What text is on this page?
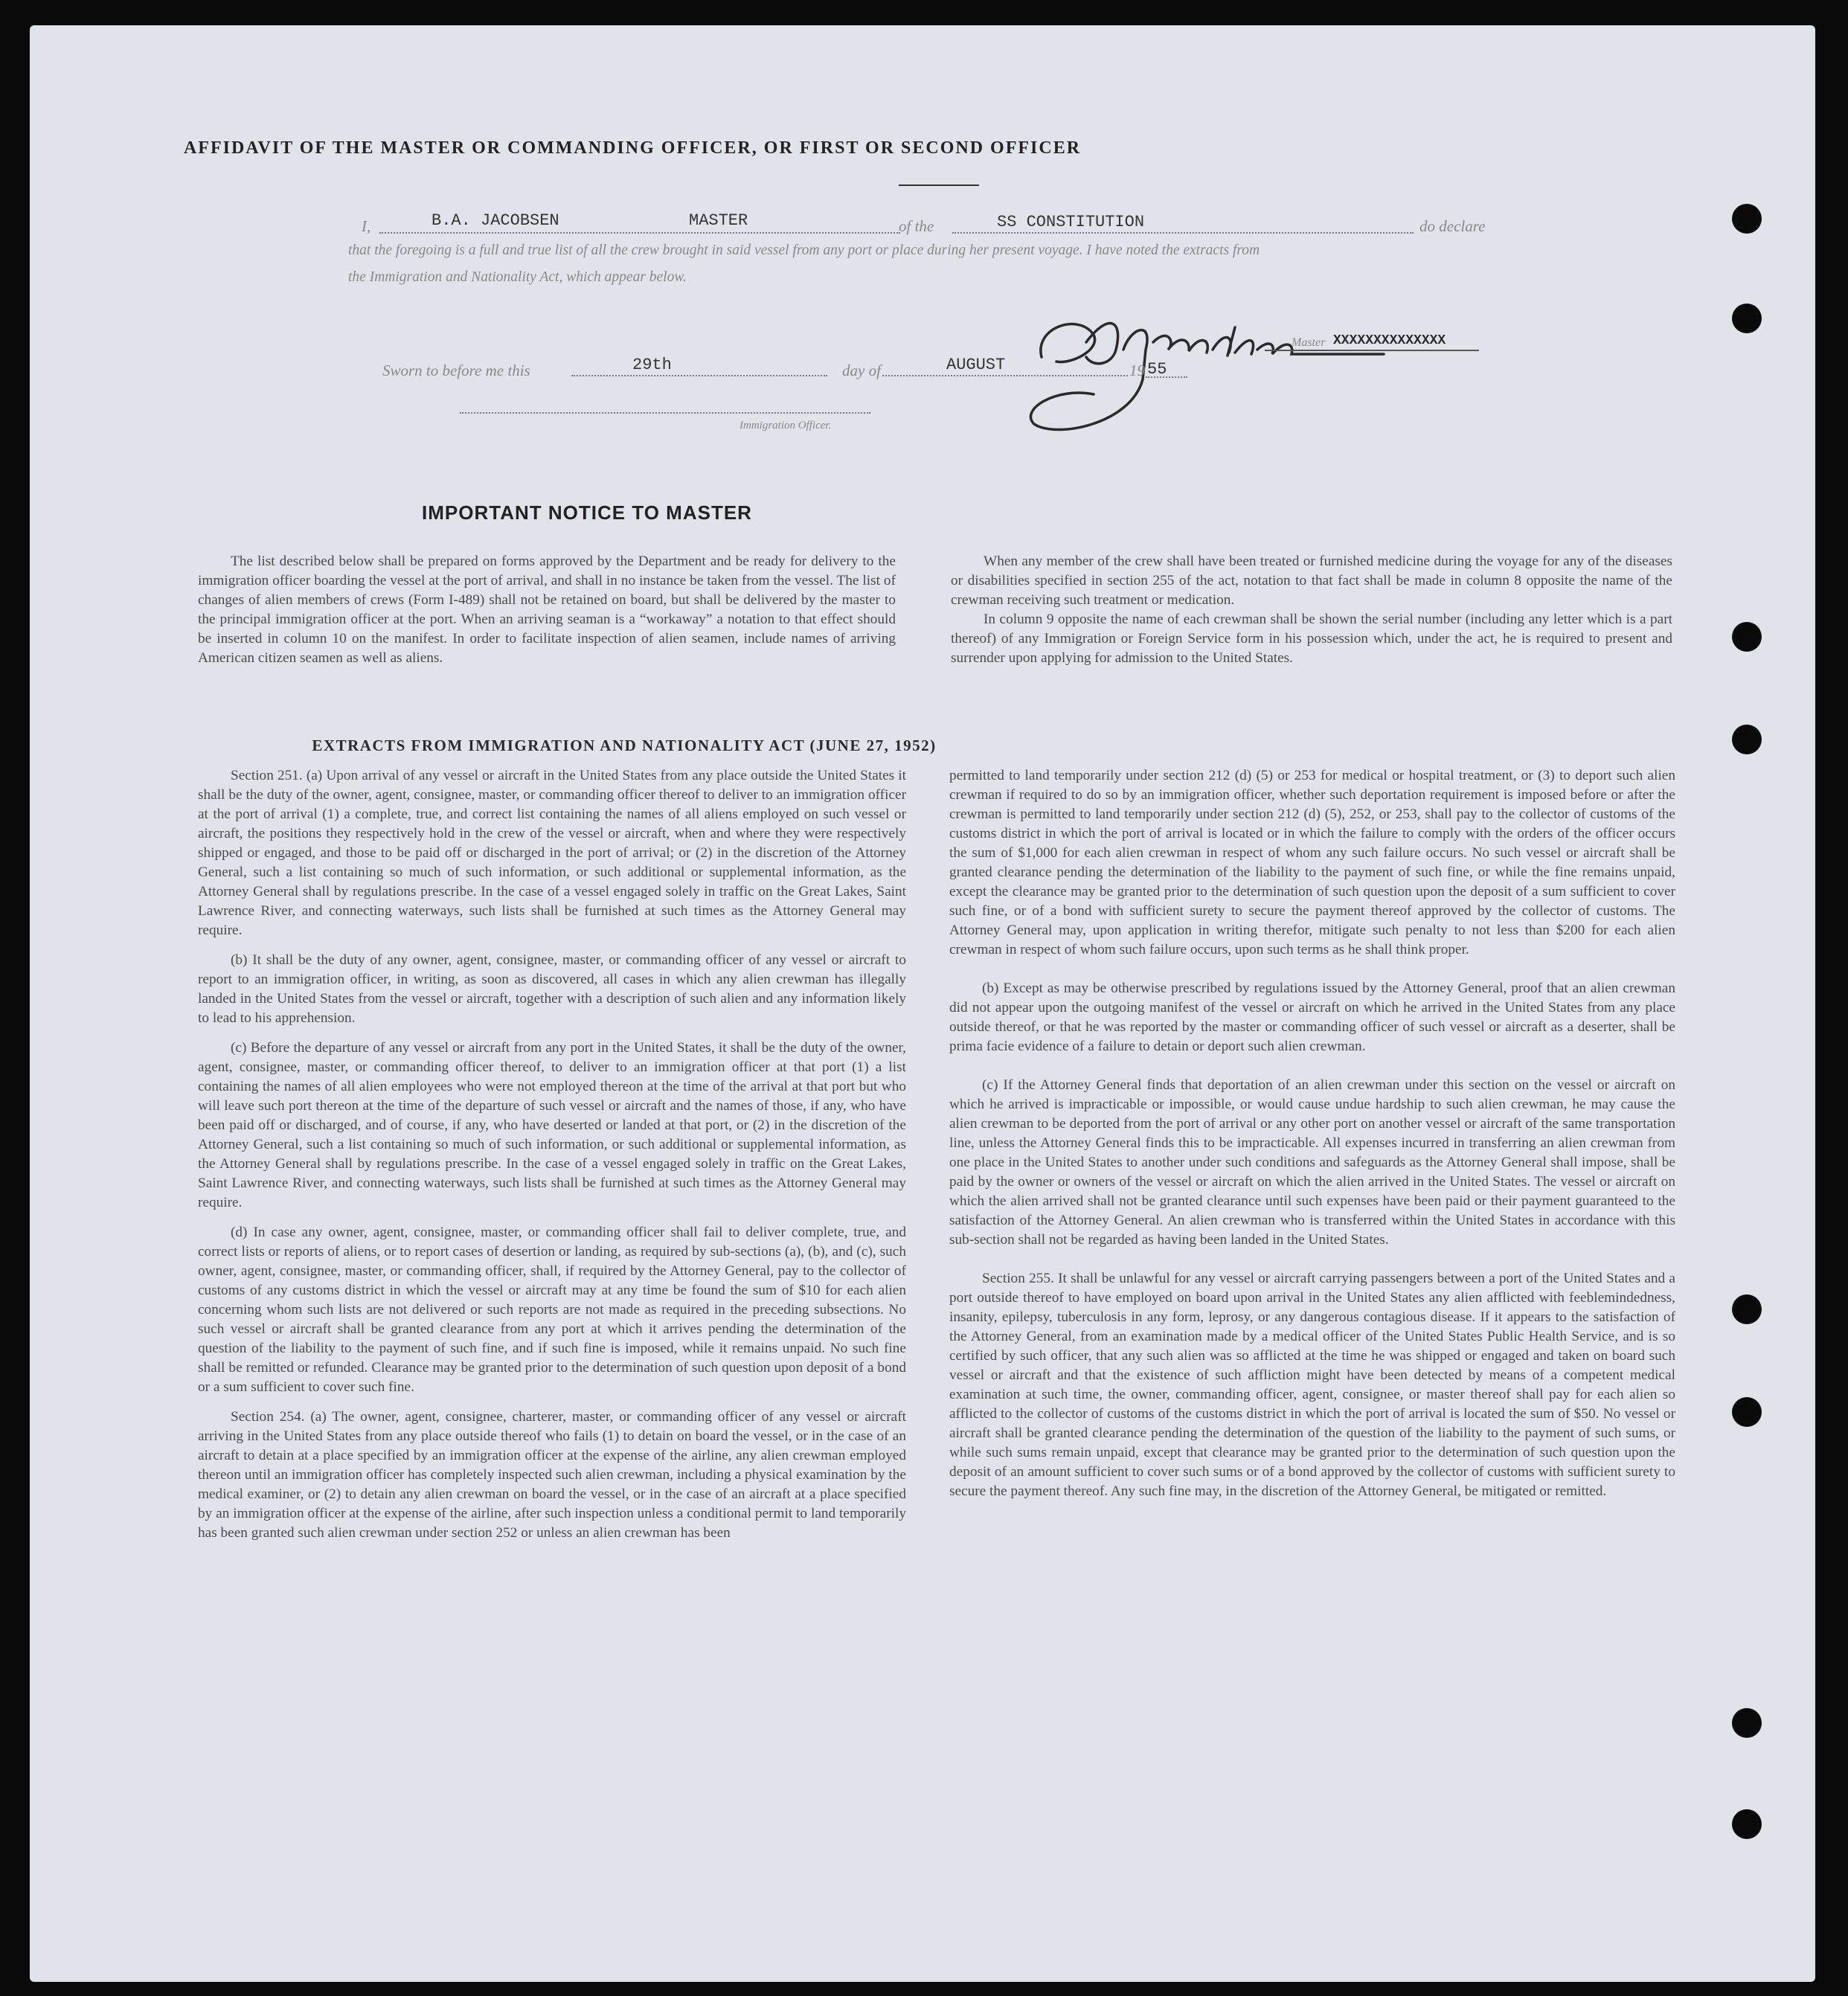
AFFIDAVIT OF THE MASTER OR COMMANDING OFFICER, OR FIRST OR SECOND OFFICER
I,	B.A. JACOBSEN	MASTER	of the	SS CONSTITUTION	do declare
that the foregoing is a full and true list of all the crew brought in said vessel from any port or place during her present voyage. I have noted the extracts from
the Immigration and Nationality Act, which appear below.
Master XXXXXXXXXXXXXX
Sworn to before me this	29th	day of	AUGUST	19 55
Immigration Officer.
IMPORTANT NOTICE TO MASTER
The list described below shall be prepared on forms approved by the Department and be ready for delivery to the immigration officer boarding the vessel at the port of arrival, and shall in no instance be taken from the vessel. The list of changes of alien members of crews (Form I-489) shall not be retained on board, but shall be delivered by the master to the principal immigration officer at the port. When an arriving seaman is a “workaway” a notation to that effect should be inserted in column 10 on the manifest. In order to facilitate inspection of alien seamen, include names of arriving American citizen seamen as well as aliens.

When any member of the crew shall have been treated or furnished medicine during the voyage for any of the diseases or disabilities specified in section 255 of the act, notation to that fact shall be made in column 8 opposite the name of the crewman receiving such treatment or medication.

In column 9 opposite the name of each crewman shall be shown the serial number (including any letter which is a part thereof) of any Immigration or Foreign Service form in his possession which, under the act, he is required to present and surrender upon applying for admission to the United States.

EXTRACTS FROM IMMIGRATION AND NATIONALITY ACT (JUNE 27, 1952)

Section 251. (a) Upon arrival of any vessel or aircraft in the United States from any place outside the United States it shall be the duty of the owner, agent, consignee, master, or commanding officer thereof to deliver to an immigration officer at the port of arrival (1) a complete, true, and correct list containing the names of all aliens employed on such vessel or aircraft, the positions they respectively hold in the crew of the vessel or aircraft, when and where they were respectively shipped or engaged, and those to be paid off or discharged in the port of arrival; or (2) in the discretion of the Attorney General, such a list containing so much of such information, or such additional or supplemental information, as the Attorney General shall by regulations prescribe. In the case of a vessel engaged solely in traffic on the Great Lakes, Saint Lawrence River, and connecting waterways, such lists shall be furnished at such times as the Attorney General may require.

(b) It shall be the duty of any owner, agent, consignee, master, or commanding officer of any vessel or aircraft to report to an immigration officer, in writing, as soon as discovered, all cases in which any alien crewman has illegally landed in the United States from the vessel or aircraft, together with a description of such alien and any information likely to lead to his apprehension.

(c) Before the departure of any vessel or aircraft from any port in the United States, it shall be the duty of the owner, agent, consignee, master, or commanding officer thereof, to deliver to an immigration officer at that port (1) a list containing the names of all alien employees who were not employed thereon at the time of the arrival at that port but who will leave such port thereon at the time of the departure of such vessel or aircraft and the names of those, if any, who have been paid off or discharged, and of course, if any, who have deserted or landed at that port, or (2) in the discretion of the Attorney General, such a list containing so much of such information, or such additional or supplemental information, as the Attorney General shall by regulations prescribe. In the case of a vessel engaged solely in traffic on the Great Lakes, Saint Lawrence River, and connecting waterways, such lists shall be furnished at such times as the Attorney General may require.

(d) In case any owner, agent, consignee, master, or commanding officer shall fail to deliver complete, true, and correct lists or reports of aliens, or to report cases of desertion or landing, as required by sub-sections (a), (b), and (c), such owner, agent, consignee, master, or commanding officer, shall, if required by the Attorney General, pay to the collector of customs of any customs district in which the vessel or aircraft may at any time be found the sum of $10 for each alien concerning whom such lists are not delivered or such reports are not made as required in the preceding subsections. No such vessel or aircraft shall be granted clearance from any port at which it arrives pending the determination of the question of the liability to the payment of such fine, and if such fine is imposed, while it remains unpaid. No such fine shall be remitted or refunded. Clearance may be granted prior to the determination of such question upon deposit of a bond or a sum sufficient to cover such fine.

Section 254. (a) The owner, agent, consignee, charterer, master, or commanding officer of any vessel or aircraft arriving in the United States from any place outside thereof who fails (1) to detain on board the vessel, or in the case of an aircraft to detain at a place specified by an immigration officer at the expense of the airline, any alien crewman employed thereon until an immigration officer has completely inspected such alien crewman, including a physical examination by the medical examiner, or (2) to detain any alien crewman on board the vessel, or in the case of an aircraft at a place specified by an immigration officer at the expense of the airline, after such inspection unless a conditional permit to land temporarily has been granted such alien crewman under section 252 or unless an alien crewman has been

permitted to land temporarily under section 212 (d) (5) or 253 for medical or hospital treatment, or (3) to deport such alien crewman if required to do so by an immigration officer, whether such deportation requirement is imposed before or after the crewman is permitted to land temporarily under section 212 (d) (5), 252, or 253, shall pay to the collector of customs of the customs district in which the port of arrival is located or in which the failure to comply with the orders of the officer occurs the sum of $1,000 for each alien crewman in respect of whom any such failure occurs. No such vessel or aircraft shall be granted clearance pending the determination of the liability to the payment of such fine, or while the fine remains unpaid, except the clearance may be granted prior to the determination of such question upon the deposit of a sum sufficient to cover such fine, or of a bond with sufficient surety to secure the payment thereof approved by the collector of customs. The Attorney General may, upon application in writing therefor, mitigate such penalty to not less than $200 for each alien crewman in respect of whom such failure occurs, upon such terms as he shall think proper.

(b) Except as may be otherwise prescribed by regulations issued by the Attorney General, proof that an alien crewman did not appear upon the outgoing manifest of the vessel or aircraft on which he arrived in the United States from any place outside thereof, or that he was reported by the master or commanding officer of such vessel or aircraft as a deserter, shall be prima facie evidence of a failure to detain or deport such alien crewman.

(c) If the Attorney General finds that deportation of an alien crewman under this section on the vessel or aircraft on which he arrived is impracticable or impossible, or would cause undue hardship to such alien crewman, he may cause the alien crewman to be deported from the port of arrival or any other port on another vessel or aircraft of the same transportation line, unless the Attorney General finds this to be impracticable. All expenses incurred in transferring an alien crewman from one place in the United States to another under such conditions and safeguards as the Attorney General shall impose, shall be paid by the owner or owners of the vessel or aircraft on which the alien arrived in the United States. The vessel or aircraft on which the alien arrived shall not be granted clearance until such expenses have been paid or their payment guaranteed to the satisfaction of the Attorney General. An alien crewman who is transferred within the United States in accordance with this sub-section shall not be regarded as having been landed in the United States.

Section 255. It shall be unlawful for any vessel or aircraft carrying passengers between a port of the United States and a port outside thereof to have employed on board upon arrival in the United States any alien afflicted with feeblemindedness, insanity, epilepsy, tuberculosis in any form, leprosy, or any dangerous contagious disease. If it appears to the satisfaction of the Attorney General, from an examination made by a medical officer of the United States Public Health Service, and is so certified by such officer, that any such alien was so afflicted at the time he was shipped or engaged and taken on board such vessel or aircraft and that the existence of such affliction might have been detected by means of a competent medical examination at such time, the owner, commanding officer, agent, consignee, or master thereof shall pay for each alien so afflicted to the collector of customs of the customs district in which the port of arrival is located the sum of $50. No vessel or aircraft shall be granted clearance pending the determination of the question of the liability to the payment of such sums, or while such sums remain unpaid, except that clearance may be granted prior to the determination of such question upon the deposit of an amount sufficient to cover such sums or of a bond approved by the collector of customs with sufficient surety to secure the payment thereof. Any such fine may, in the discretion of the Attorney General, be mitigated or remitted.
